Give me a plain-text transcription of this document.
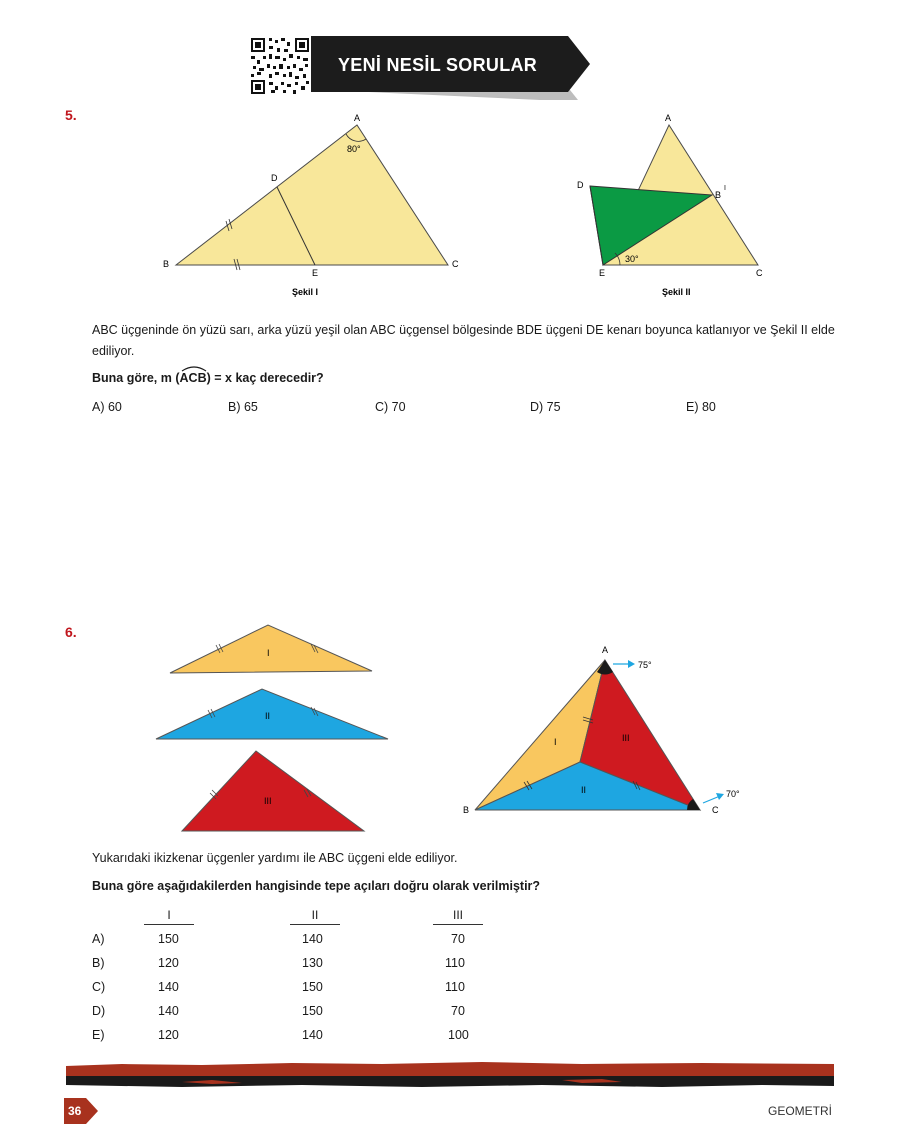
YENİ NESİL SORULAR
5.	A
80°
D
B
E
C
Şekil I
A
D
B
I
30°
E	C
Şekil II
ABC üçgeninde ön yüzü sarı, arka yüzü yeşil olan ABC üçgensel bölgesinde BDE üçgeni DE kenarı boyunca katlanıyor ve Şekil II elde ediliyor.
Buna göre, m (ACB) = x kaç derecedir?
A) 60	B) 65	C) 70	D) 75	E) 80
6.
I
II
III
A
75°
I	III
II	70°
B	C
Yukarıdaki ikizkenar üçgenler yardımı ile ABC üçgeni elde ediliyor.
Buna göre aşağıdakilerden hangisinde tepe açıları doğru olarak verilmiştir?
I	II	III
A)	150	140	70
B)	120	130	110
C)	140	150	110
D)	140	150	70
E)	120	140	100
36	GEOMETRİ
